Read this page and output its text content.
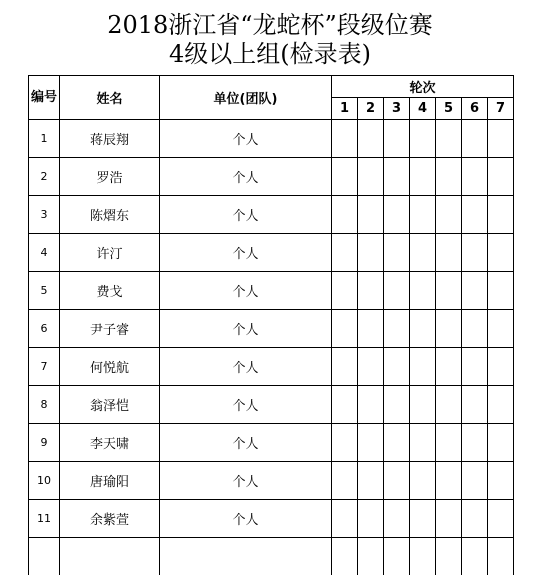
2018浙江省“龙蛇杯”段级位赛
4级以上组(检录表)
编号	姓名	单位(团队)	轮次						
			1	2	3	4	5	6	7
1	蒋辰翔	个人							
2	罗浩	个人							
3	陈熠东	个人							
4	许汀	个人							
5	费戈	个人							
6	尹子睿	个人							
7	何悦航	个人							
8	翁泽恺	个人							
9	李天啸	个人							
10	唐瑜阳	个人							
11	余紫萱	个人							
